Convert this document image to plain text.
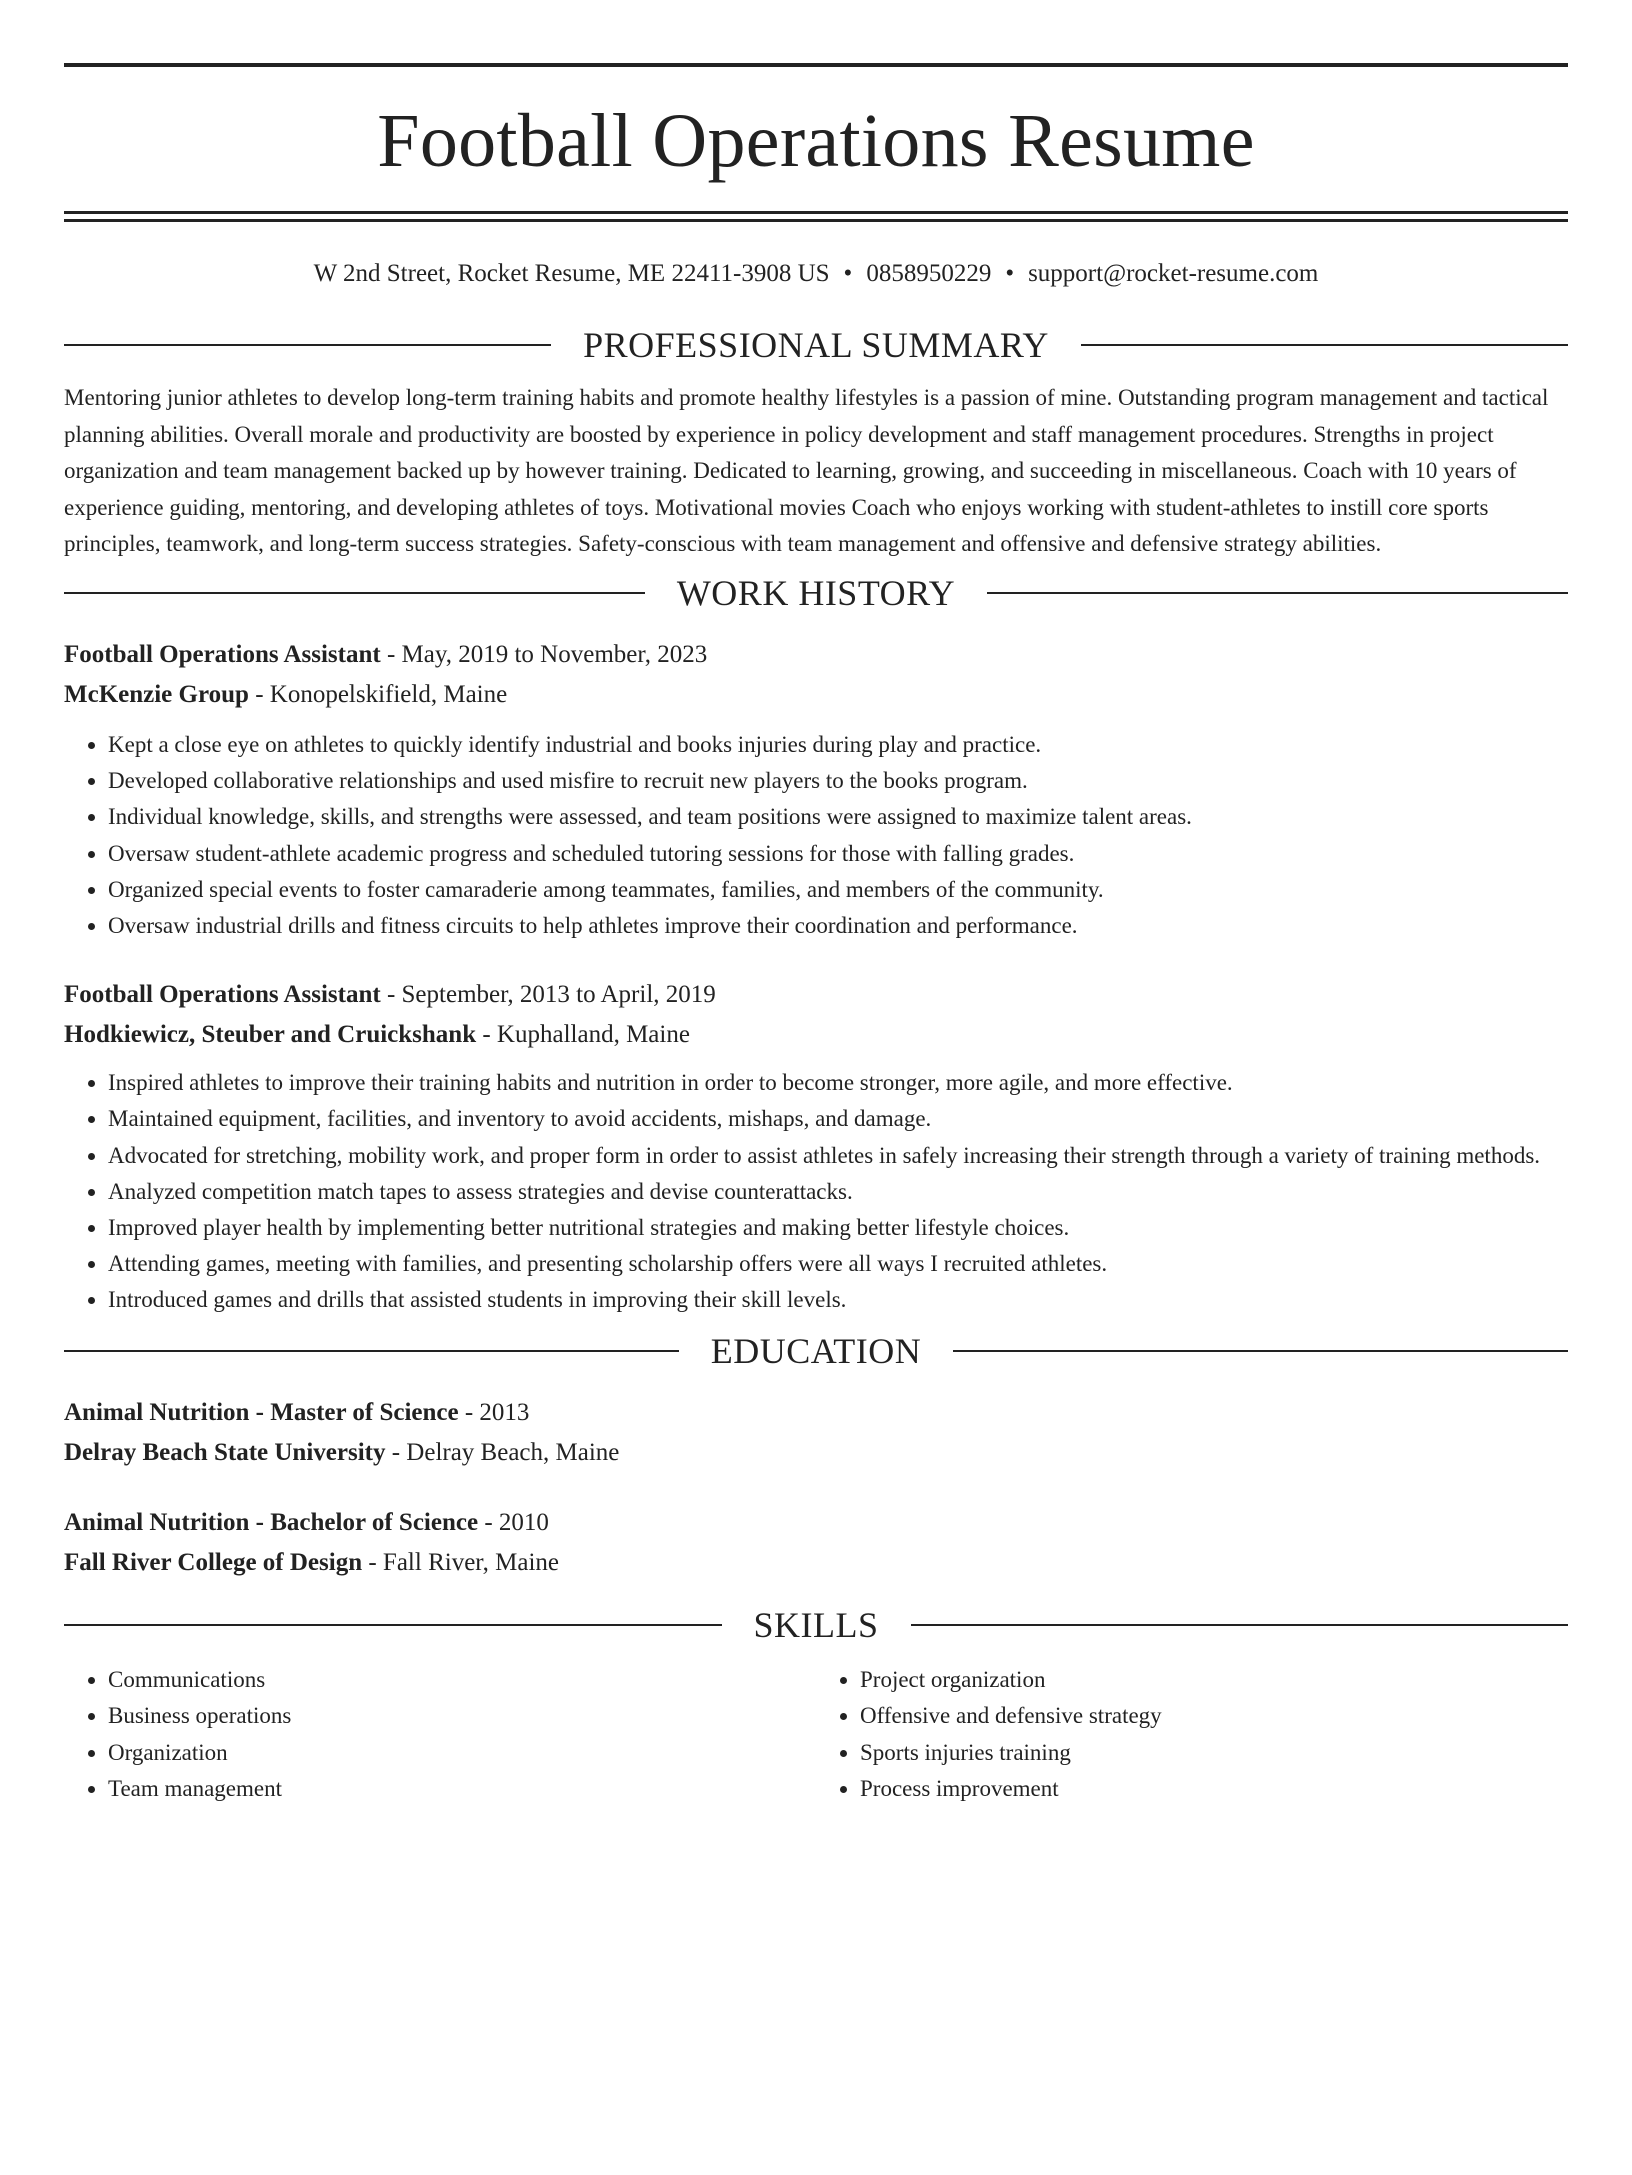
Football Operations Resume
W 2nd Street, Rocket Resume, ME 22411-3908 US • 0858950229 • support@rocket-resume.com
PROFESSIONAL SUMMARY

Mentoring junior athletes to develop long-term training habits and promote healthy lifestyles is a passion of mine. Outstanding program management and tactical planning abilities. Overall morale and productivity are boosted by experience in policy development and staff management procedures. Strengths in project organization and team management backed up by however training. Dedicated to learning, growing, and succeeding in miscellaneous. Coach with 10 years of experience guiding, mentoring, and developing athletes of toys. Motivational movies Coach who enjoys working with student-athletes to instill core sports principles, teamwork, and long-term success strategies. Safety-conscious with team management and offensive and defensive strategy abilities.

WORK HISTORY
Football Operations Assistant - May, 2019 to November, 2023
McKenzie Group - Konopelskifield, Maine
• Kept a close eye on athletes to quickly identify industrial and books injuries during play and practice.
• Developed collaborative relationships and used misfire to recruit new players to the books program.
• Individual knowledge, skills, and strengths were assessed, and team positions were assigned to maximize talent areas.
• Oversaw student-athlete academic progress and scheduled tutoring sessions for those with falling grades.
• Organized special events to foster camaraderie among teammates, families, and members of the community.
• Oversaw industrial drills and fitness circuits to help athletes improve their coordination and performance.
Football Operations Assistant - September, 2013 to April, 2019
Hodkiewicz, Steuber and Cruickshank - Kuphalland, Maine
• Inspired athletes to improve their training habits and nutrition in order to become stronger, more agile, and more effective.
• Maintained equipment, facilities, and inventory to avoid accidents, mishaps, and damage.
• Advocated for stretching, mobility work, and proper form in order to assist athletes in safely increasing their strength through a variety of training methods.
• Analyzed competition match tapes to assess strategies and devise counterattacks.
• Improved player health by implementing better nutritional strategies and making better lifestyle choices.
• Attending games, meeting with families, and presenting scholarship offers were all ways I recruited athletes.
• Introduced games and drills that assisted students in improving their skill levels.
EDUCATION
Animal Nutrition - Master of Science - 2013
Delray Beach State University - Delray Beach, Maine
Animal Nutrition - Bachelor of Science - 2010
Fall River College of Design - Fall River, Maine
SKILLS
• Communications
• Business operations
• Organization
• Team management
• Project organization
• Offensive and defensive strategy
• Sports injuries training
• Process improvement
